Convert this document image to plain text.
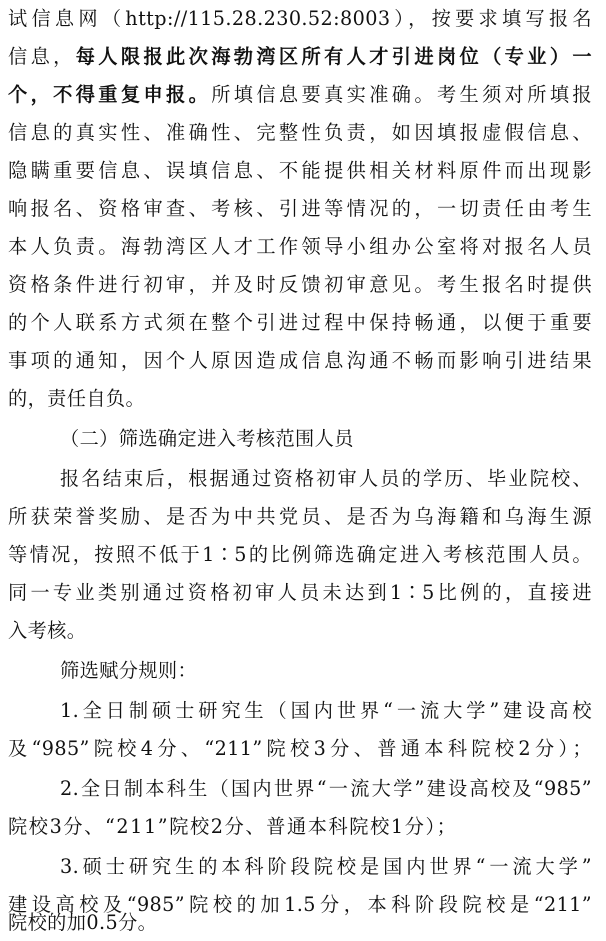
试信息网（http://115.28.230.52:8003），按要求填写报名
信息，每人限报此次海勃湾区所有人才引进岗位（专业）一
个，不得重复申报。所填信息要真实准确。考生须对所填报
信息的真实性、准确性、完整性负责，如因填报虚假信息、
隐瞒重要信息、误填信息、不能提供相关材料原件而出现影
响报名、资格审查、考核、引进等情况的，一切责任由考生
本人负责。海勃湾区人才工作领导小组办公室将对报名人员
资格条件进行初审，并及时反馈初审意见。考生报名时提供
的个人联系方式须在整个引进过程中保持畅通，以便于重要
事项的通知，因个人原因造成信息沟通不畅而影响引进结果
的，责任自负。
（二）筛选确定进入考核范围人员
报名结束后，根据通过资格初审人员的学历、毕业院校、
所获荣誉奖励、是否为中共党员、是否为乌海籍和乌海生源
等情况，按照不低于1∶5的比例筛选确定进入考核范围人员。
同一专业类别通过资格初审人员未达到1∶5比例的，直接进
入考核。
筛选赋分规则：
1.全日制硕士研究生（国内世界“一流大学”建设高校
及“985”院校4分、“211”院校3分、普通本科院校2分）；
2.全日制本科生（国内世界“一流大学”建设高校及“985”
院校3分、“211”院校2分、普通本科院校1分）；
3.硕士研究生的本科阶段院校是国内世界“一流大学”
建设高校及“985”院校的加1.5分，本科阶段院校是“211”
院校的加0.5分。
